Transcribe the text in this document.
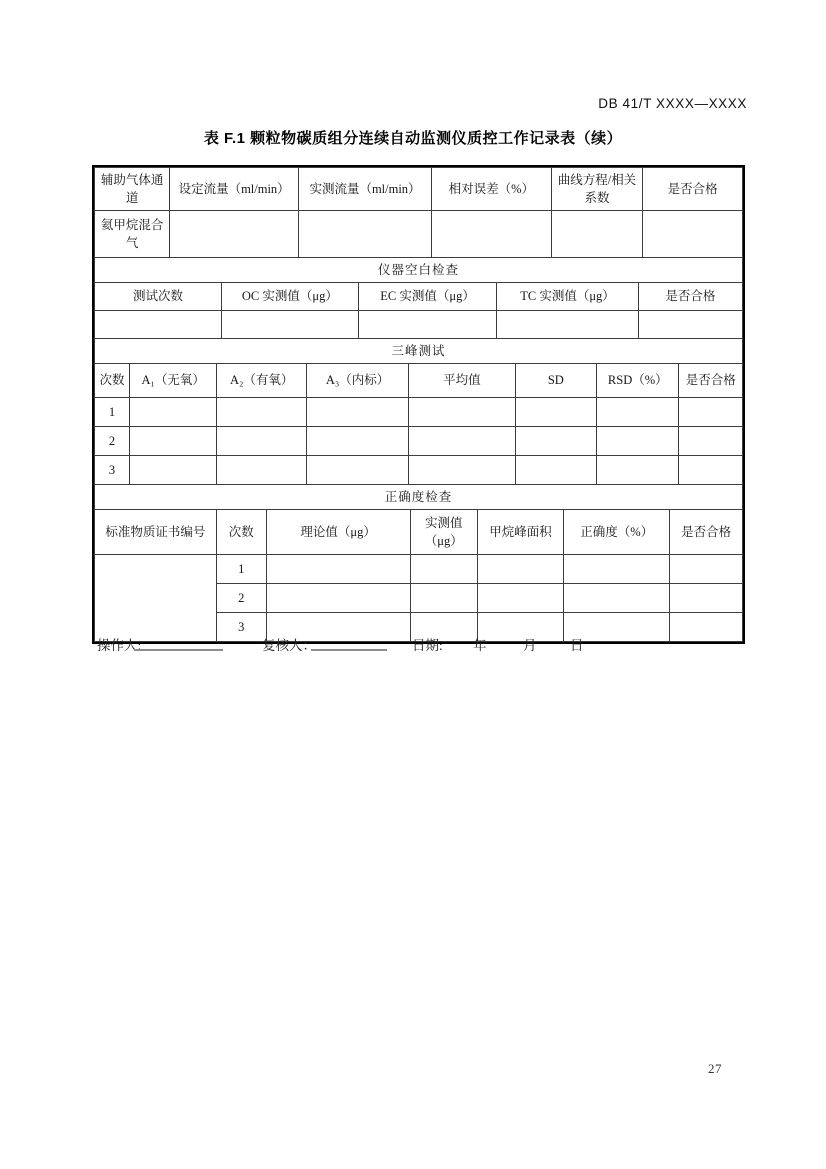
DB 41/T XXXX—XXXX
表 F.1 颗粒物碳质组分连续自动监测仪质控工作记录表（续）
辅助气体通道	设定流量（ml/min）	实测流量（ml/min）	相对误差（%）	曲线方程/相关系数	是否合格
氦甲烷混合气					
仪器空白检查				
测试次数	OC 实测值（μg）	EC 实测值（μg）	TC 实测值（μg）	是否合格

三峰测试							
次数	A₁（无氧）	A₂（有氧）	A₃（内标）	平均值	SD	RSD（%）	是否合格
1							
2							
3							
正确度检查						
标准物质证书编号	次数	理论值（μg）	实测值（μg）	甲烷峰面积	正确度（%）	是否合格
	1					
	2					
	3					
操作人:	复核人：	日期: 年	月 日
27
